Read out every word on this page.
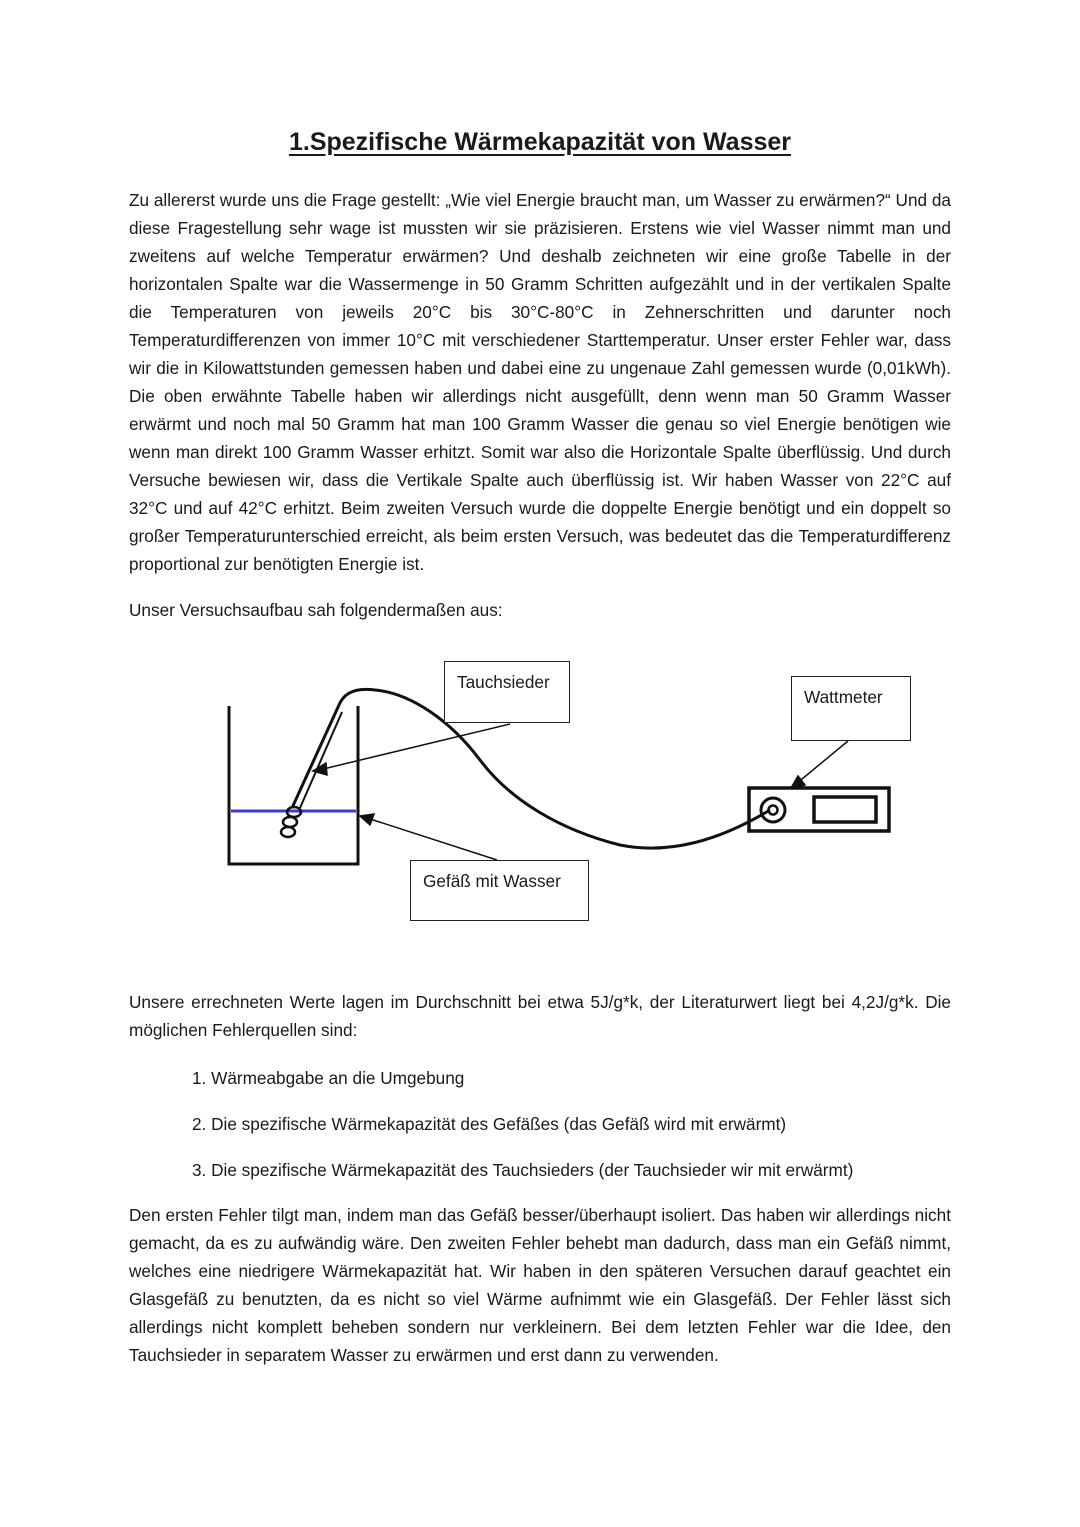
1.Spezifische Wärmekapazität von Wasser

Zu allererst wurde uns die Frage gestellt: „Wie viel Energie braucht man, um Wasser zu erwärmen?“ Und da diese Fragestellung sehr wage ist mussten wir sie präzisieren. Erstens wie viel Wasser nimmt man und zweitens auf welche Temperatur erwärmen? Und deshalb zeichneten wir eine große Tabelle in der horizontalen Spalte war die Wassermenge in 50 Gramm Schritten aufgezählt und in der vertikalen Spalte die Temperaturen von jeweils 20°C bis 30°C-80°C in Zehnerschritten und darunter noch Temperaturdifferenzen von immer 10°C mit verschiedener Starttemperatur. Unser erster Fehler war, dass wir die in Kilowattstunden gemessen haben und dabei eine zu ungenaue Zahl gemessen wurde (0,01kWh). Die oben erwähnte Tabelle haben wir allerdings nicht ausgefüllt, denn wenn man 50 Gramm Wasser erwärmt und noch mal 50 Gramm hat man 100 Gramm Wasser die genau so viel Energie benötigen wie wenn man direkt 100 Gramm Wasser erhitzt. Somit war also die Horizontale Spalte überflüssig. Und durch Versuche bewiesen wir, dass die Vertikale Spalte auch überflüssig ist. Wir haben Wasser von 22°C auf 32°C und auf 42°C erhitzt. Beim zweiten Versuch wurde die doppelte Energie benötigt und ein doppelt so großer Temperaturunterschied erreicht, als beim ersten Versuch, was bedeutet das die Temperaturdifferenz proportional zur benötigten Energie ist.

Unser Versuchsaufbau sah folgendermaßen aus:

Tauchsieder
Wattmeter
Gefäß mit Wasser

Unsere errechneten Werte lagen im Durchschnitt bei etwa 5J/g*k, der Literaturwert liegt bei 4,2J/g*k. Die möglichen Fehlerquellen sind:

1. Wärmeabgabe an die Umgebung
2. Die spezifische Wärmekapazität des Gefäßes (das Gefäß wird mit erwärmt)
3. Die spezifische Wärmekapazität des Tauchsieders (der Tauchsieder wir mit erwärmt)

Den ersten Fehler tilgt man, indem man das Gefäß besser/überhaupt isoliert. Das haben wir allerdings nicht gemacht, da es zu aufwändig wäre. Den zweiten Fehler behebt man dadurch, dass man ein Gefäß nimmt, welches eine niedrigere Wärmekapazität hat. Wir haben in den späteren Versuchen darauf geachtet ein Glasgefäß zu benutzten, da es nicht so viel Wärme aufnimmt wie ein Glasgefäß. Der Fehler lässt sich allerdings nicht komplett beheben sondern nur verkleinern. Bei dem letzten Fehler war die Idee, den Tauchsieder in separatem Wasser zu erwärmen und erst dann zu verwenden.
